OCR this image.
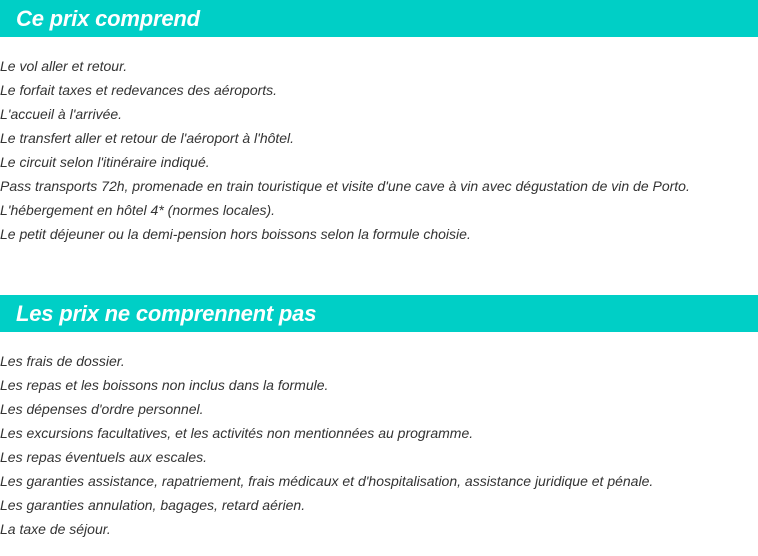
Ce prix comprend
Le vol aller et retour.
Le forfait taxes et redevances des aéroports.
L'accueil à l'arrivée.
Le transfert aller et retour de l'aéroport à l'hôtel.
Le circuit selon l'itinéraire indiqué.
Pass transports 72h, promenade en train touristique et visite d'une cave à vin avec dégustation de vin de Porto.
L'hébergement en hôtel 4* (normes locales).
Le petit déjeuner ou la demi-pension hors boissons selon la formule choisie.
Les prix ne comprennent pas
Les frais de dossier.
Les repas et les boissons non inclus dans la formule.
Les dépenses d'ordre personnel.
Les excursions facultatives, et les activités non mentionnées au programme.
Les repas éventuels aux escales.
Les garanties assistance, rapatriement, frais médicaux et d'hospitalisation, assistance juridique et pénale.
Les garanties annulation, bagages, retard aérien.
La taxe de séjour.
